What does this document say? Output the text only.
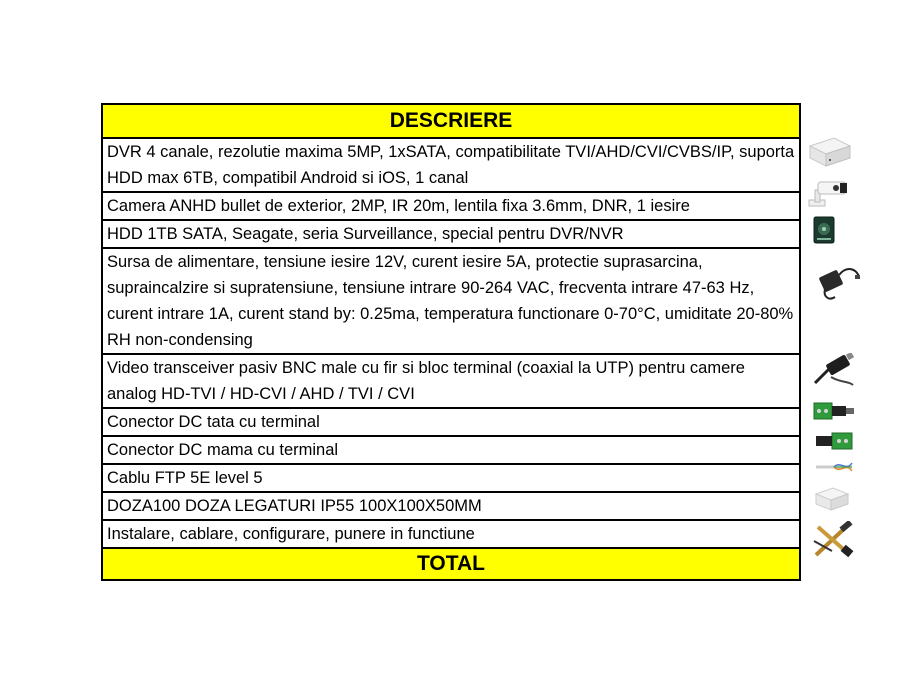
DESCRIERE
DVR 4 canale, rezolutie maxima 5MP, 1xSATA, compatibilitate TVI/AHD/CVI/CVBS/IP, suporta HDD max 6TB, compatibil Android si iOS, 1 canal
Camera ANHD bullet de exterior, 2MP, IR 20m, lentila fixa 3.6mm, DNR, 1 iesire
HDD 1TB SATA, Seagate, seria Surveillance, special pentru DVR/NVR
Sursa de alimentare, tensiune iesire 12V, curent iesire 5A, protectie suprasarcina, supraincalzire si supratensiune, tensiune intrare 90-264 VAC, frecventa intrare 47-63 Hz, curent intrare 1A, curent stand by: 0.25ma, temperatura functionare 0-70°C, umiditate 20-80% RH non-condensing
Video transceiver pasiv BNC male cu fir si bloc terminal (coaxial la UTP) pentru camere analog HD-TVI / HD-CVI / AHD / TVI / CVI
Conector DC tata cu terminal
Conector DC mama cu terminal
Cablu FTP 5E level 5
DOZA100 DOZA LEGATURI IP55 100X100X50MM
Instalare, cablare, configurare, punere in functiune
TOTAL
